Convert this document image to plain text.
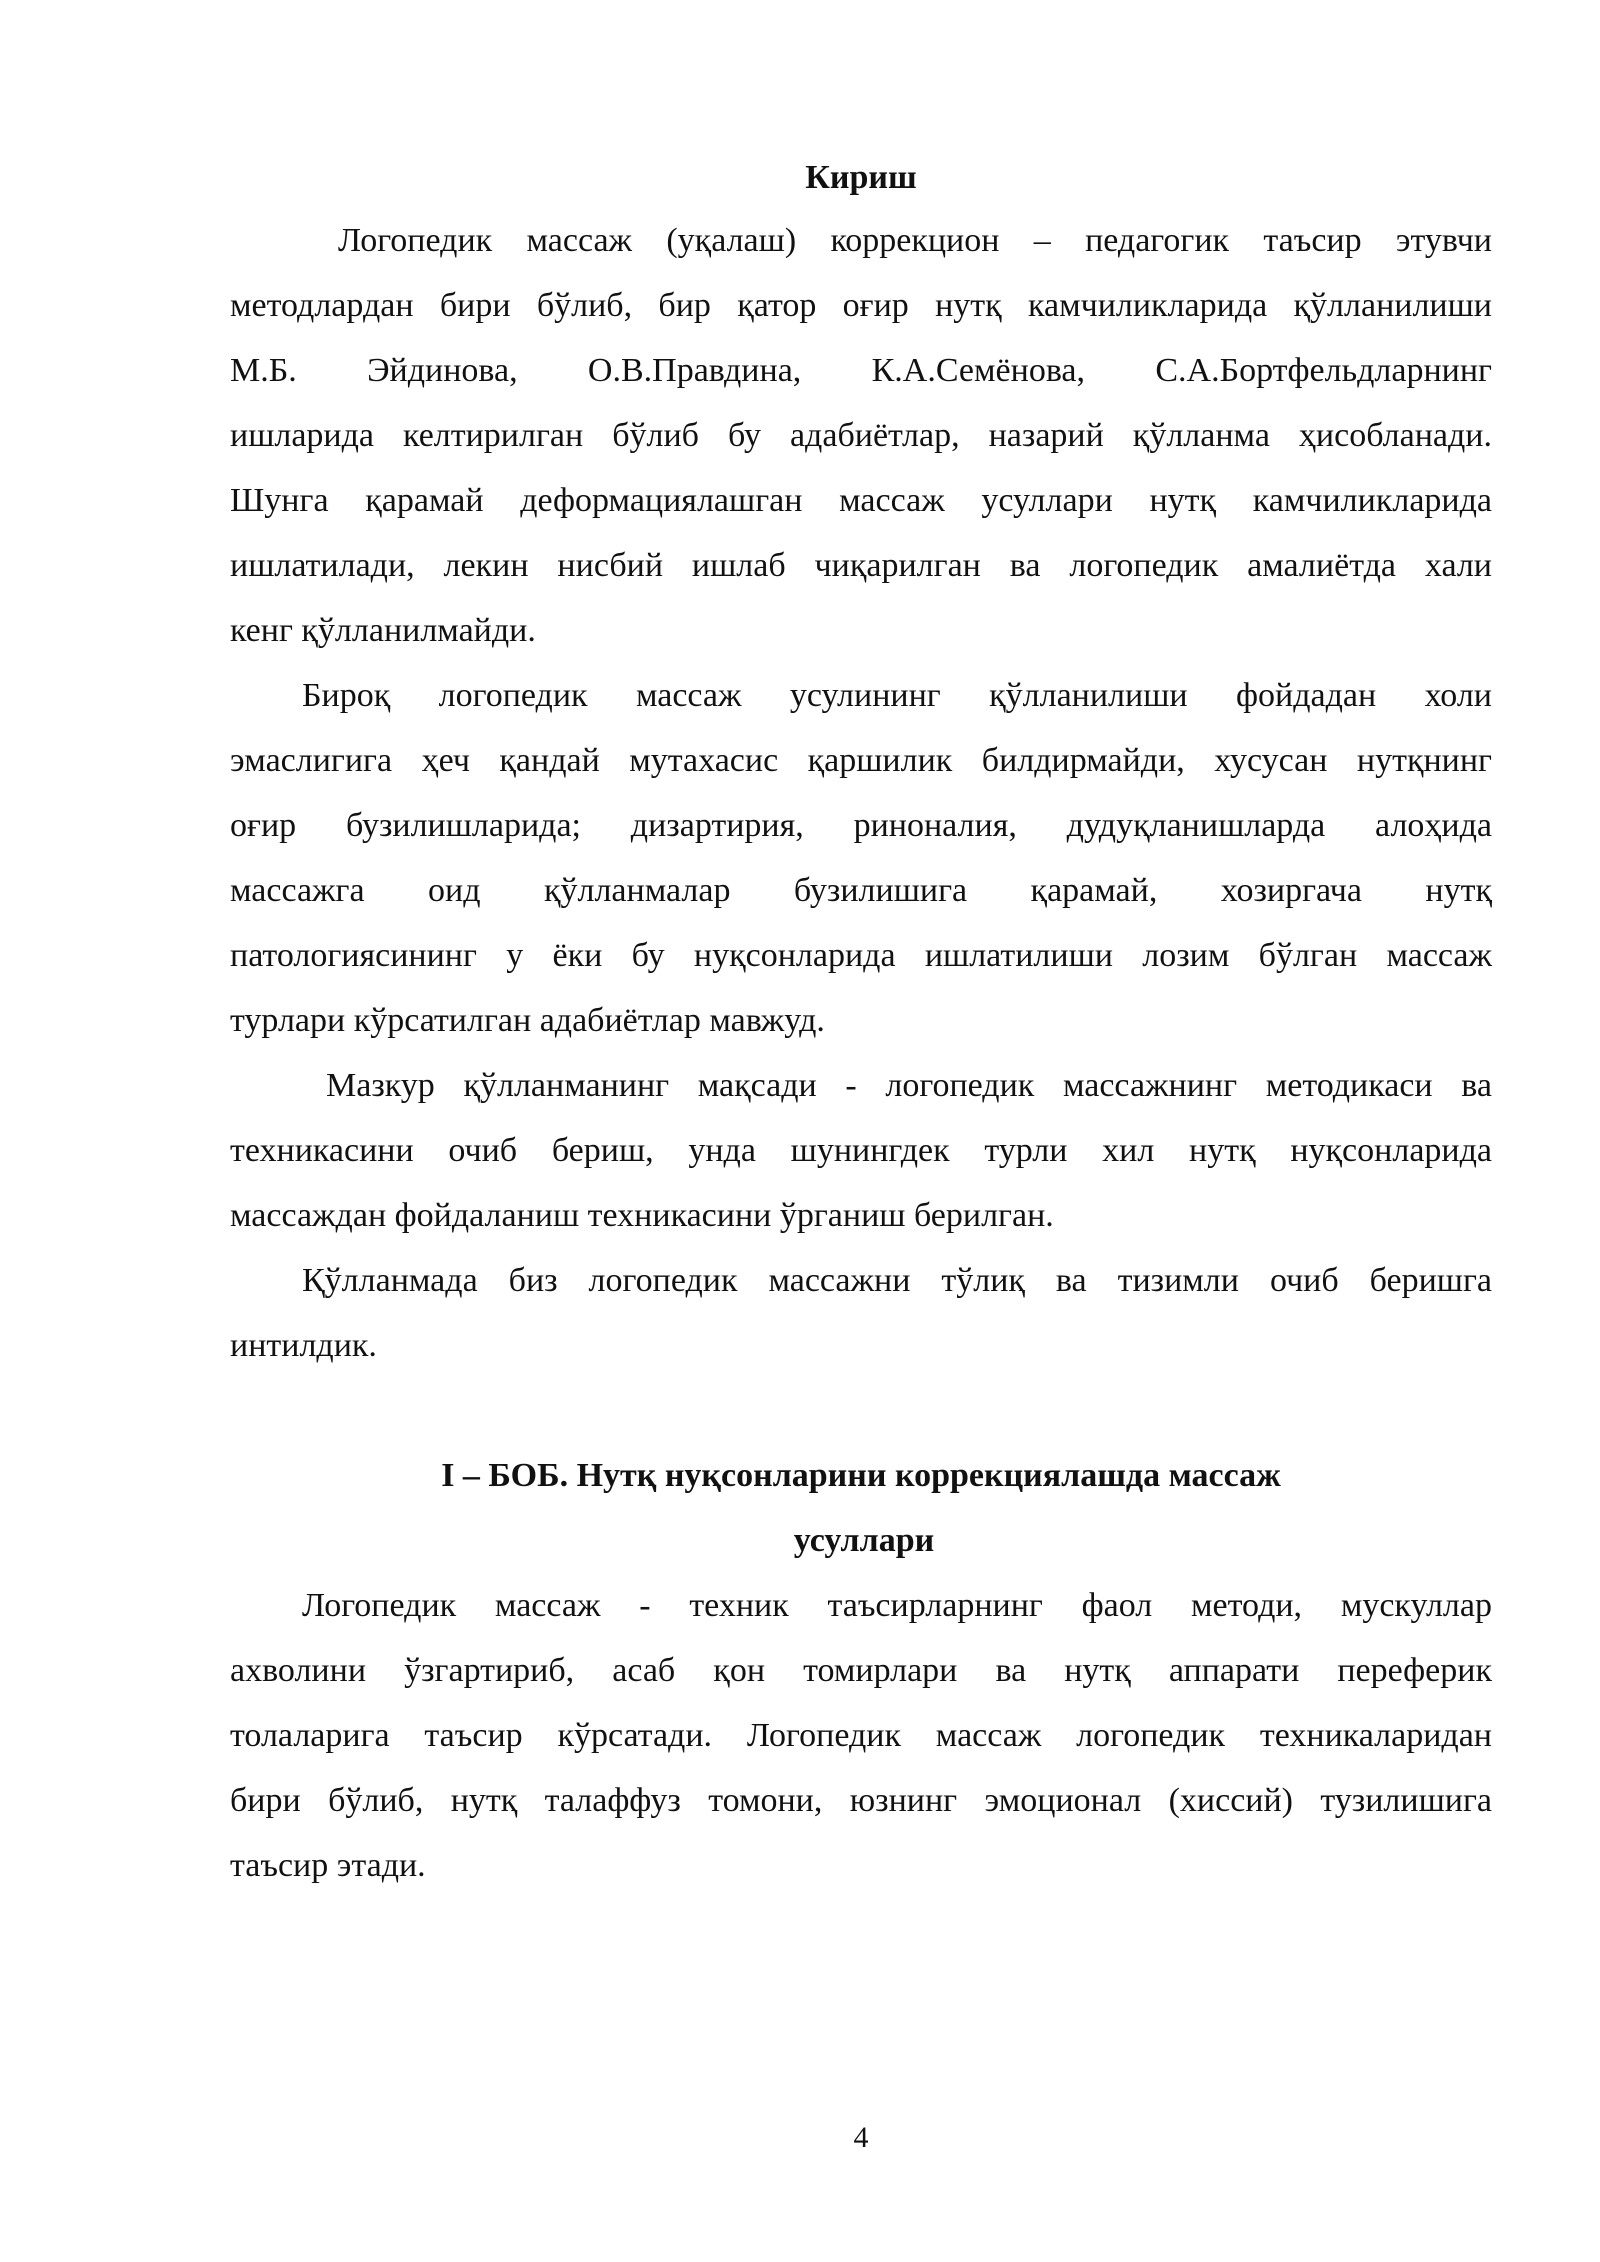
Кириш
Логопедик массаж (уқалаш) коррекцион – педагогик таъсир этувчи
методлардан бири бўлиб, бир қатор оғир нутқ камчиликларида қўлланилиши
М.Б. Эйдинова, О.В.Правдина, К.А.Семёнова, С.А.Бортфельдларнинг
ишларида келтирилган бўлиб бу адабиётлар, назарий қўлланма ҳисобланади.
Шунга қарамай деформациялашган массаж усуллари нутқ камчиликларида
ишлатилади, лекин нисбий ишлаб чиқарилган ва логопедик амалиётда хали
кенг қўлланилмайди.
Бироқ логопедик массаж усулининг қўлланилиши фойдадан холи
эмаслигига ҳеч қандай мутахасис қаршилик билдирмайди, хусусан нутқнинг
оғир бузилишларида; дизартирия, риноналия, дудуқланишларда алоҳида
массажга оид қўлланмалар бузилишига қарамай, хозиргача нутқ
патологиясининг у ёки бу нуқсонларида ишлатилиши лозим бўлган массаж
турлари кўрсатилган адабиётлар мавжуд.
Мазкур қўлланманинг мақсади - логопедик массажнинг методикаси ва
техникасини очиб бериш, унда шунингдек турли хил нутқ нуқсонларида
массаждан фойдаланиш техникасини ўрганиш берилган.
Қўлланмада биз логопедик массажни тўлиқ ва тизимли очиб беришга
интилдик.
I – БОБ. Нутқ нуқсонларини коррекциялашда массаж
усуллари
Логопедик массаж - техник таъсирларнинг фаол методи, мускуллар
ахволини ўзгартириб, асаб қон томирлари ва нутқ аппарати переферик
толаларига таъсир кўрсатади. Логопедик массаж логопедик техникаларидан
бири бўлиб, нутқ талаффуз томони, юзнинг эмоционал (хиссий) тузилишига
таъсир этади.
4
